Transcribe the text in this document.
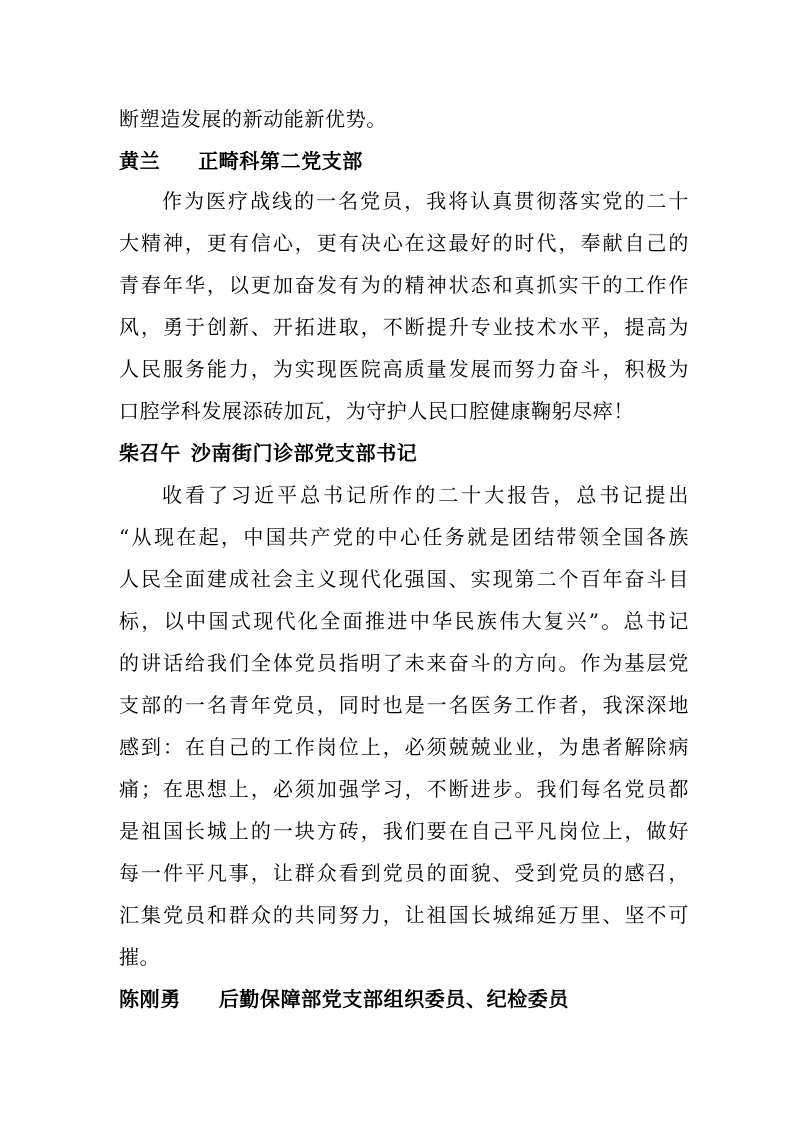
断塑造发展的新动能新优势。
黄兰 正畸科第二党支部
作为医疗战线的一名党员，我将认真贯彻落实党的二十
大精神，更有信心，更有决心在这最好的时代，奉献自己的
青春年华，以更加奋发有为的精神状态和真抓实干的工作作
风，勇于创新、开拓进取，不断提升专业技术水平，提高为
人民服务能力，为实现医院高质量发展而努力奋斗，积极为
口腔学科发展添砖加瓦，为守护人民口腔健康鞠躬尽瘁！
柴召午 沙南街门诊部党支部书记
收看了习近平总书记所作的二十大报告，总书记提出
“从现在起，中国共产党的中心任务就是团结带领全国各族
人民全面建成社会主义现代化强国、实现第二个百年奋斗目
标，以中国式现代化全面推进中华民族伟大复兴”。总书记
的讲话给我们全体党员指明了未来奋斗的方向。作为基层党
支部的一名青年党员，同时也是一名医务工作者，我深深地
感到：在自己的工作岗位上，必须兢兢业业，为患者解除病
痛；在思想上，必须加强学习，不断进步。我们每名党员都
是祖国长城上的一块方砖，我们要在自己平凡岗位上，做好
每一件平凡事，让群众看到党员的面貌、受到党员的感召，
汇集党员和群众的共同努力，让祖国长城绵延万里、坚不可
摧。
陈刚勇 后勤保障部党支部组织委员、纪检委员
